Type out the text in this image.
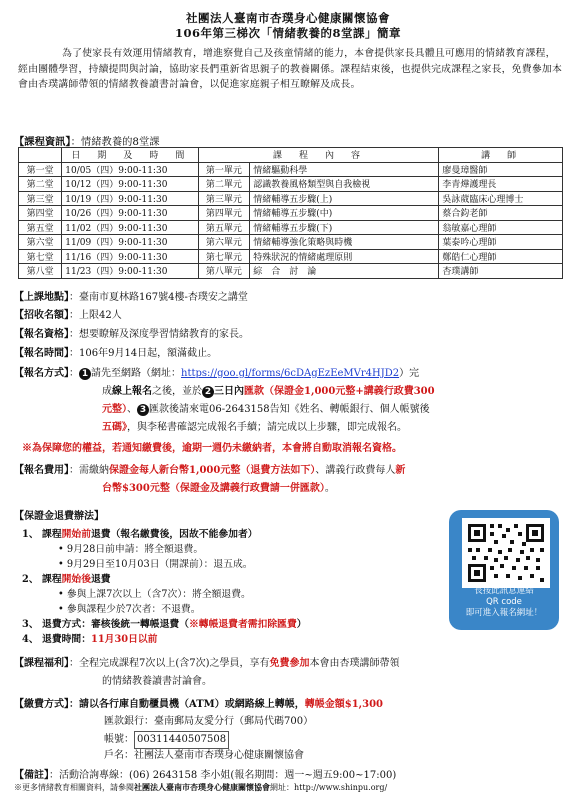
社團法人臺南市杏璞身心健康關懷協會
106年第三梯次「情緒教養的8堂課」簡章
為了使家長有效運用情緒教育，增進察覺自己及孩童情緒的能力，本會提供家長具體且可應用的情緒教育課程，經由團體學習，持續提問與討論，協助家長們重新省思親子的教養關係。課程結束後，也提供完成課程之家長，免費參加本會由杏璞講師帶領的情緒教養讀書討論會，以促進家庭親子相互瞭解及成長。
【課程資訊】：情緒教養的8堂課
	日　期　及　時　間	課　程　內　容		講　師
第一堂	10/05（四）9:00-11:30	第一單元	情緒驅動科學	廖曼璋醫師
第二堂	10/12（四）9:00-11:30	第二單元	認識教養風格類型與自我檢視	李青燁護理長
第三堂	10/19（四）9:00-11:30	第三單元	情緒輔導五步驟(上)	吳詠葳臨床心理博士
第四堂	10/26（四）9:00-11:30	第四單元	情緒輔導五步驟(中)	蔡合鈞老師
第五堂	11/02（四）9:00-11:30	第五單元	情緒輔導五步驟(下)	翁敏嘉心理師
第六堂	11/09（四）9:00-11:30	第六單元	情緒輔導強化策略與時機	葉泰吟心理師
第七堂	11/16（四）9:00-11:30	第七單元	特殊狀況的情緒處理原則	鄭皓仁心理師
第八堂	11/23（四）9:00-11:30	第八單元	綜　合　討　論	杏璞講師
【上課地點】：臺南市夏林路167號4樓-杏璞安之講堂
【招收名額】：上限42人
【報名資格】：想要瞭解及深度學習情緒教育的家長。
【報名時間】：106年9月14日起，額滿截止。
【報名方式】： 1 請先至網路（網址：https://goo.gl/forms/6cDAgEzEeMVr4HJD2）完
成線上報名之後，並於 2 三日內匯款（保證金1,000元整+講義行政費300
元整）、 3 匯款後請來電06-2643158告知《姓名、轉帳銀行、個人帳號後
五碼》，與李秘書確認完成報名手續；請完成以上步驟，即完成報名。
※為保障您的權益，若通知繳費後，逾期一週仍未繳納者，本會將自動取消報名資格。
【報名費用】：需繳納保證金每人新台幣1,000元整（退費方法如下）、講義行政費每人新
台幣$300元整（保證金及講義行政費請一併匯款）。
【保證金退費辦法】
1、 課程開始前退費（報名繳費後，因故不能參加者）
• 9月28日前申請：將全額退費。
• 9月29日至10月03日（開課前）：退五成。
2、 課程開始後退費
• 參與上課7次以上（含7次）：將全額退費。
• 參與課程少於7次者：不退費。
3、 退費方式：審核後統一轉帳退費（※轉帳退費者需扣除匯費）
4、 退費時間：11月30日以前
長按此訊息連結
QR code
即可進入報名網址！
【課程福利】：全程完成課程7次以上(含7次)之學員，享有免費參加本會由杏璞講師帶領
的情緒教養讀書討論會。
【繳費方式】：請以各行庫自動櫃員機（ATM）或網路線上轉帳，轉帳金額$1,300
匯款銀行：臺南郵局友愛分行（郵局代碼700）
帳號： 00311440507508
戶名：社團法人臺南市杏璞身心健康關懷協會
【備註】：活動洽詢專線：(06) 2643158 李小姐(報名期間：週一~週五9:00~17:00)
※更多情緒教育相關資料，請參閱社團法人臺南市杏璞身心健康關懷協會網址：http://www.shinpu.org/
